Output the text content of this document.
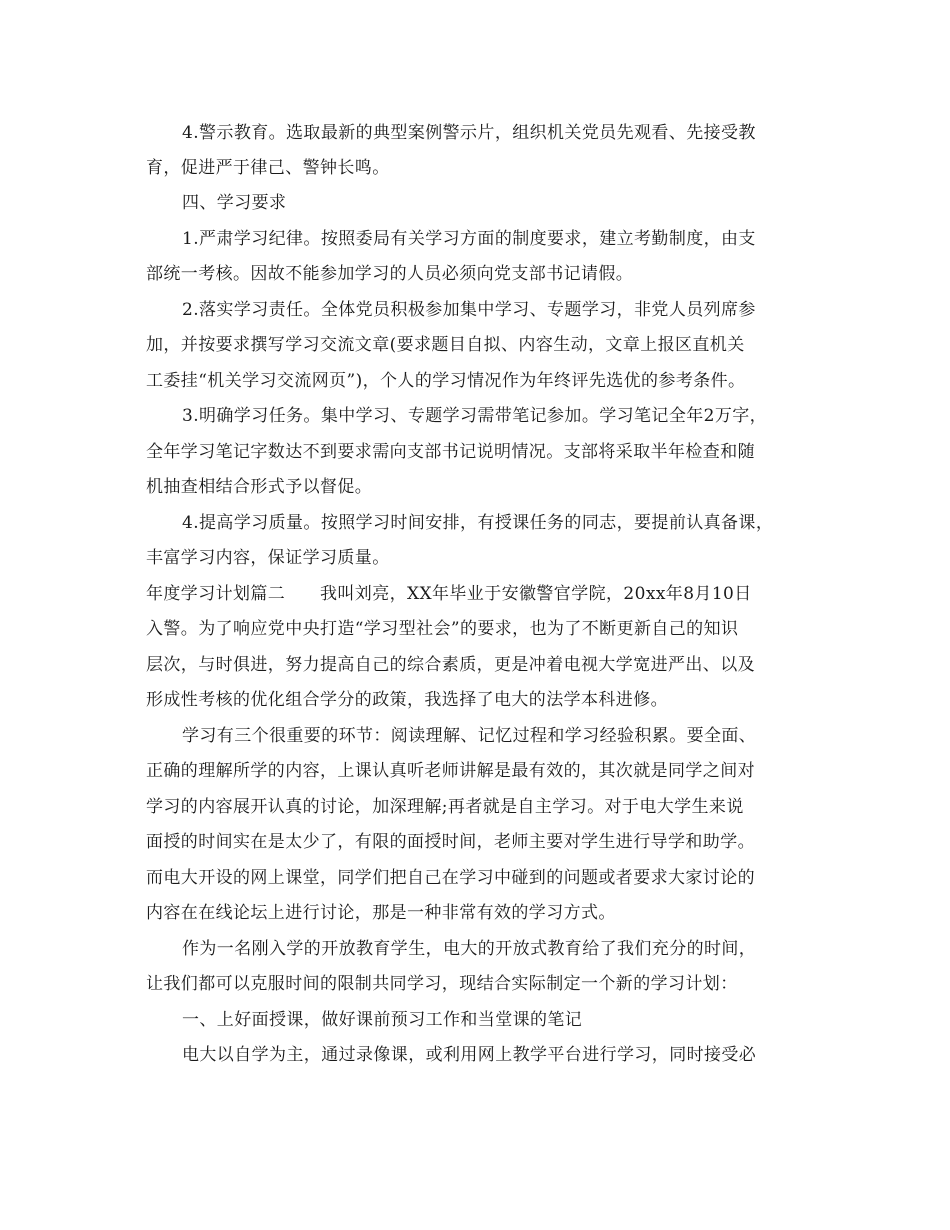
4.警示教育。选取最新的典型案例警示片，组织机关党员先观看、先接受教
育，促进严于律己、警钟长鸣。
四、学习要求
1.严肃学习纪律。按照委局有关学习方面的制度要求，建立考勤制度，由支
部统一考核。因故不能参加学习的人员必须向党支部书记请假。
2.落实学习责任。全体党员积极参加集中学习、专题学习，非党人员列席参
加，并按要求撰写学习交流文章(要求题目自拟、内容生动，文章上报区直机关
工委挂“机关学习交流网页”)，个人的学习情况作为年终评先选优的参考条件。
3.明确学习任务。集中学习、专题学习需带笔记参加。学习笔记全年2万字，
全年学习笔记字数达不到要求需向支部书记说明情况。支部将采取半年检查和随
机抽查相结合形式予以督促。
4.提高学习质量。按照学习时间安排，有授课任务的同志，要提前认真备课，
丰富学习内容，保证学习质量。
年度学习计划篇二　　我叫刘亮，XX年毕业于安徽警官学院，20xx年8月10日
入警。为了响应党中央打造“学习型社会”的要求，也为了不断更新自己的知识
层次，与时俱进，努力提高自己的综合素质，更是冲着电视大学宽进严出、以及
形成性考核的优化组合学分的政策，我选择了电大的法学本科进修。
学习有三个很重要的环节：阅读理解、记忆过程和学习经验积累。要全面、
正确的理解所学的内容，上课认真听老师讲解是最有效的，其次就是同学之间对
学习的内容展开认真的讨论，加深理解;再者就是自主学习。对于电大学生来说
面授的时间实在是太少了，有限的面授时间，老师主要对学生进行导学和助学。
而电大开设的网上课堂，同学们把自己在学习中碰到的问题或者要求大家讨论的
内容在在线论坛上进行讨论，那是一种非常有效的学习方式。
作为一名刚入学的开放教育学生，电大的开放式教育给了我们充分的时间，
让我们都可以克服时间的限制共同学习，现结合实际制定一个新的学习计划：
一、上好面授课，做好课前预习工作和当堂课的笔记
电大以自学为主，通过录像课，或利用网上教学平台进行学习，同时接受必
